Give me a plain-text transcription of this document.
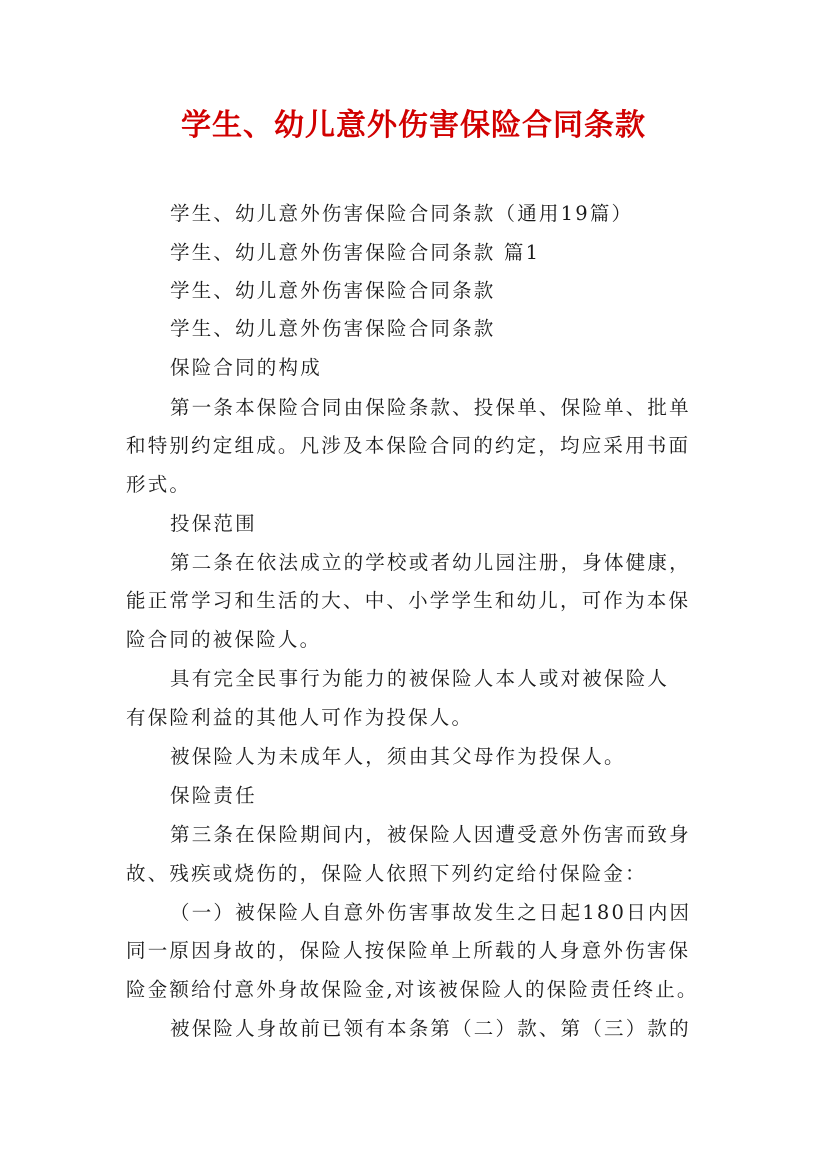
学生、幼儿意外伤害保险合同条款
学生、幼儿意外伤害保险合同条款（通用19篇）
学生、幼儿意外伤害保险合同条款 篇1
学生、幼儿意外伤害保险合同条款
学生、幼儿意外伤害保险合同条款
保险合同的构成
第一条本保险合同由保险条款、投保单、保险单、批单
和特别约定组成。凡涉及本保险合同的约定，均应采用书面
形式。
投保范围
第二条在依法成立的学校或者幼儿园注册，身体健康，
能正常学习和生活的大、中、小学学生和幼儿，可作为本保
险合同的被保险人。
具有完全民事行为能力的被保险人本人或对被保险人
有保险利益的其他人可作为投保人。
被保险人为未成年人，须由其父母作为投保人。
保险责任
第三条在保险期间内，被保险人因遭受意外伤害而致身
故、残疾或烧伤的，保险人依照下列约定给付保险金：
（一）被保险人自意外伤害事故发生之日起180日内因
同一原因身故的，保险人按保险单上所载的人身意外伤害保
险金额给付意外身故保险金,对该被保险人的保险责任终止。
被保险人身故前已领有本条第（二）款、第（三）款的
